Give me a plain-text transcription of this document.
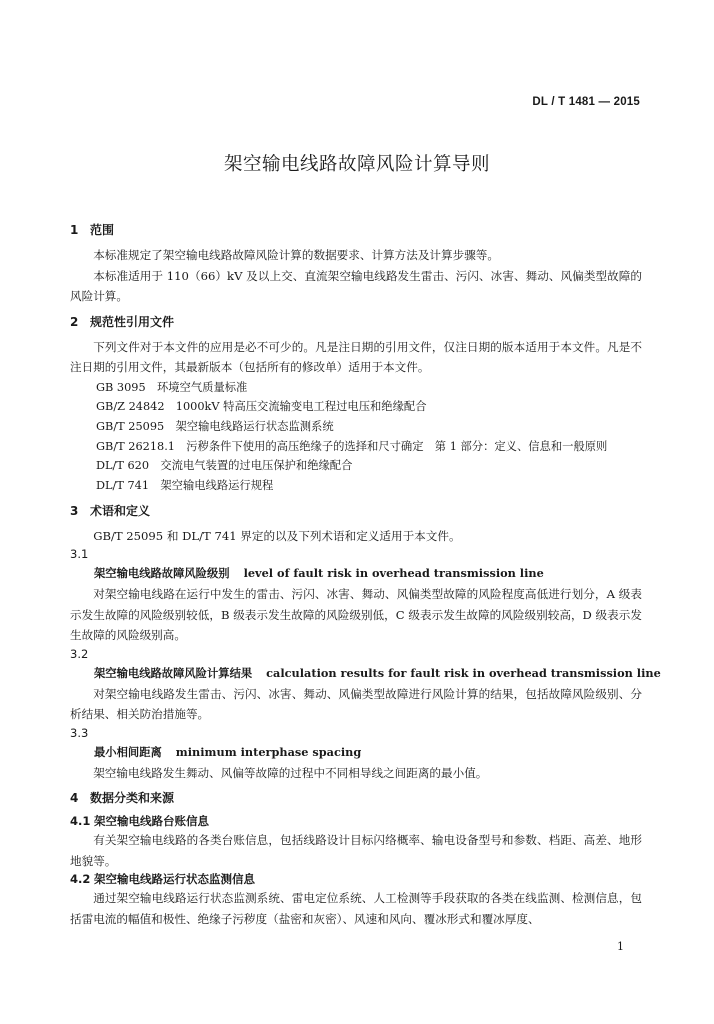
DL / T 1481 — 2015
架空输电线路故障风险计算导则
1 范围

本标准规定了架空输电线路故障风险计算的数据要求、计算方法及计算步骤等。

本标准适用于 110（66）kV 及以上交、直流架空输电线路发生雷击、污闪、冰害、舞动、风偏类型故障的风险计算。

2 规范性引用文件

下列文件对于本文件的应用是必不可少的。凡是注日期的引用文件，仅注日期的版本适用于本文件。凡是不注日期的引用文件，其最新版本（包括所有的修改单）适用于本文件。

GB 3095　环境空气质量标准

GB/Z 24842　1000kV 特高压交流输变电工程过电压和绝缘配合

GB/T 25095　架空输电线路运行状态监测系统

GB/T 26218.1　污秽条件下使用的高压绝缘子的选择和尺寸确定　第 1 部分：定义、信息和一般原则

DL/T 620　交流电气装置的过电压保护和绝缘配合

DL/T 741　架空输电线路运行规程

3 术语和定义

GB/T 25095 和 DL/T 741 界定的以及下列术语和定义适用于本文件。

3.1

架空输电线路故障风险级别 level of fault risk in overhead transmission line

对架空输电线路在运行中发生的雷击、污闪、冰害、舞动、风偏类型故障的风险程度高低进行划分，A 级表示发生故障的风险级别较低，B 级表示发生故障的风险级别低，C 级表示发生故障的风险级别较高，D 级表示发生故障的风险级别高。

3.2

架空输电线路故障风险计算结果 calculation results for fault risk in overhead transmission line

对架空输电线路发生雷击、污闪、冰害、舞动、风偏类型故障进行风险计算的结果，包括故障风险级别、分析结果、相关防治措施等。

3.3

最小相间距离 minimum interphase spacing

架空输电线路发生舞动、风偏等故障的过程中不同相导线之间距离的最小值。

4 数据分类和来源
4.1 架空输电线路台账信息

有关架空输电线路的各类台账信息，包括线路设计目标闪络概率、输电设备型号和参数、档距、高差、地形地貌等。

4.2 架空输电线路运行状态监测信息

通过架空输电线路运行状态监测系统、雷电定位系统、人工检测等手段获取的各类在线监测、检测信息，包括雷电流的幅值和极性、绝缘子污秽度（盐密和灰密）、风速和风向、覆冰形式和覆冰厚度、

1
